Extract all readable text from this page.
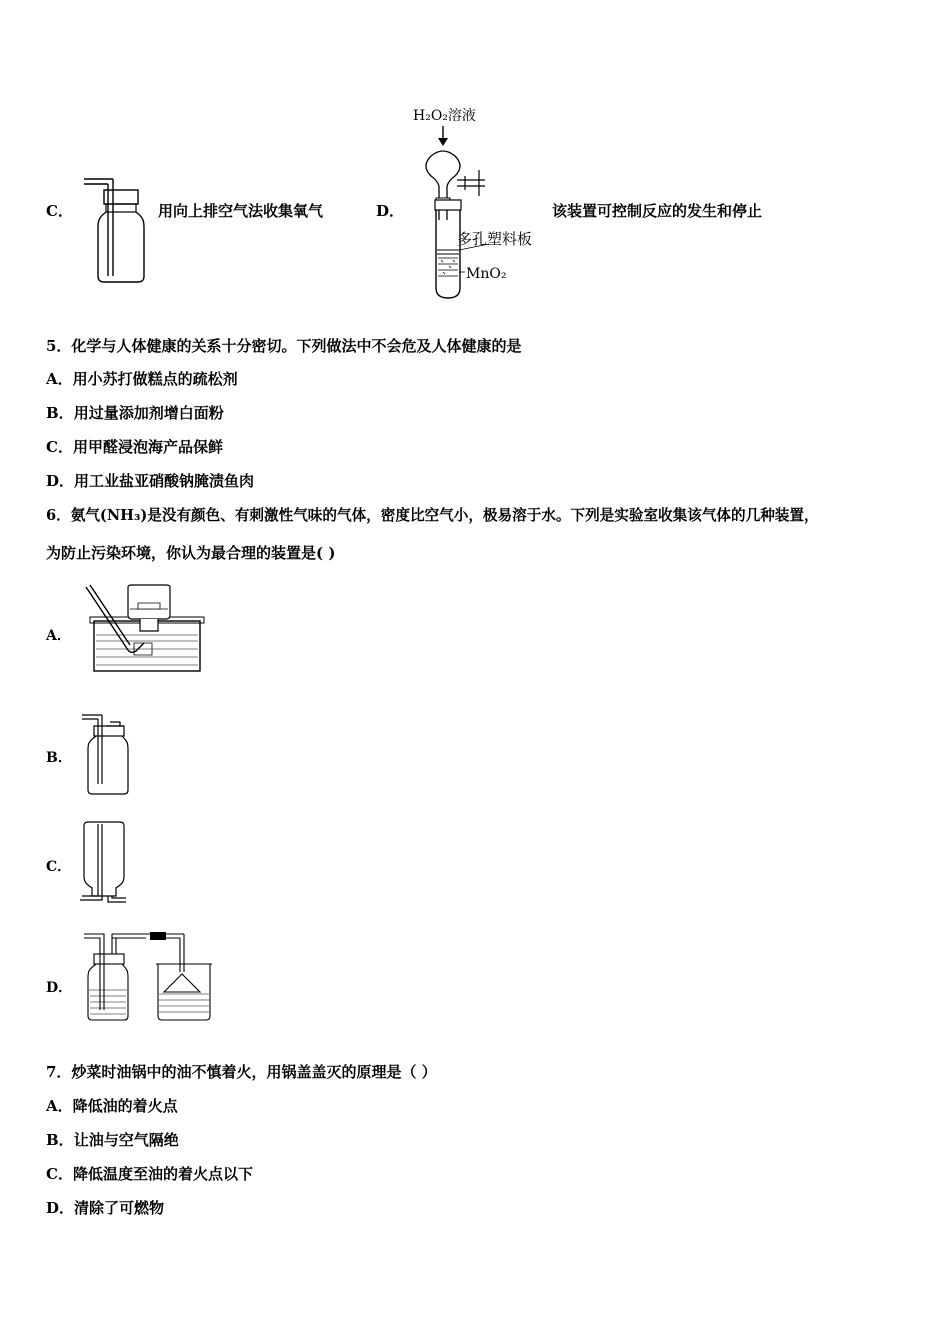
C．	用向上排空气法收集氧气	D．
H₂O₂溶液
多孔塑料板
MnO₂
该装置可控制反应的发生和停止
5．化学与人体健康的关系十分密切。下列做法中不会危及人体健康的是
A．用小苏打做糕点的疏松剂
B．用过量添加剂增白面粉
C．用甲醛浸泡海产品保鲜
D．用工业盐亚硝酸钠腌渍鱼肉
6．氨气(NH₃)是没有颜色、有刺激性气味的气体，密度比空气小，极易溶于水。下列是实验室收集该气体的几种装置，
为防止污染环境，你认为最合理的装置是( )
A．
B．
C．
D．
7．炒菜时油锅中的油不慎着火，用锅盖盖灭的原理是（ ）
A．降低油的着火点
B．让油与空气隔绝
C．降低温度至油的着火点以下
D．清除了可燃物
